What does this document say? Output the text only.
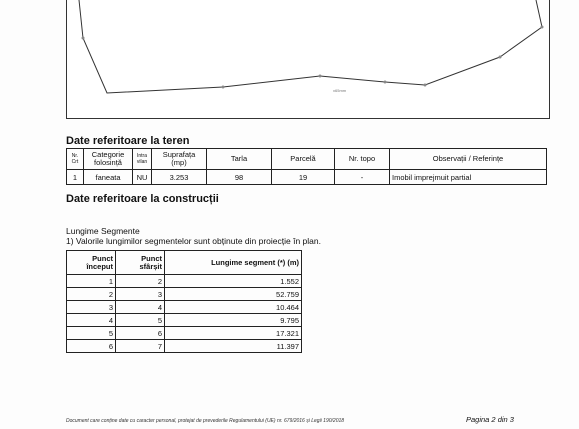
x65mm
Date referitoare la teren
Nr. Crt	Categorie folosință	Intra vilan	Suprafața (mp)	Tarla	Parcelă	Nr. topo	Observații / Referințe
1	faneata	NU	3.253	98	19	-	Imobil imprejmuit partial
Date referitoare la construcții
Lungime Segmente
1) Valorile lungimilor segmentelor sunt obținute din proiecție în plan.
Punct început	Punct sfârșit	Lungime segment (*) (m)
1	2	1.552
2	3	52.759
3	4	10.464
4	5	9.795
5	6	17.321
6	7	11.397
Document care conține date cu caracter personal, protejat de prevederile Regulamentului (UE) nr. 679/2016 și Legii 190/2018	Pagina 2 din 3
